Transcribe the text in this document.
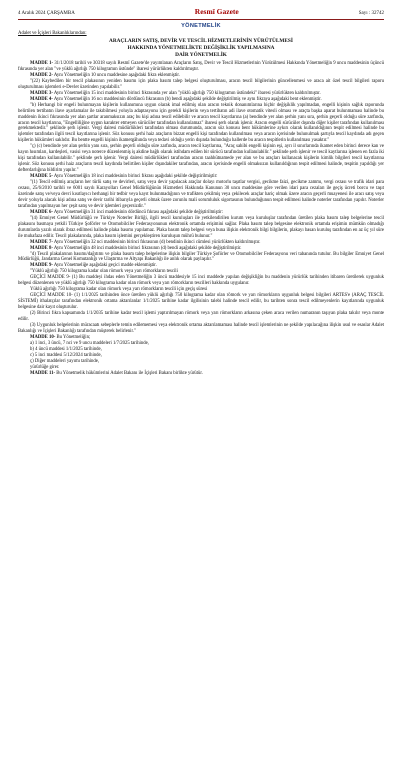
4 Aralık 2024 ÇARŞAMBA	Resmî Gazete	Sayı : 32742
YÖNETMELİK

Adalet ve İçişleri Bakanlıklarından:

ARAÇLARIN SATIŞ, DEVİR VE TESCİL HİZMETLERİNİN YÜRÜTÜLMESİ
HAKKINDA YÖNETMELİKTE DEĞİŞİKLİK YAPILMASINA
DAİR YÖNETMELİK

MADDE 1- 31/1/2018 tarihli ve 30318 sayılı Resmî Gazete'de yayımlanan Araçların Satış, Devir ve Tescil Hizmetlerinin Yürütülmesi Hakkında Yönetmeliğin 9 uncu maddesinin üçüncü fıkrasında yer alan "ve yüklü ağırlığı 750 kilogramın üstünde" ibaresi yürürlükten kaldırılmıştır.

MADDE 2- Aynı Yönetmeliğin 10 uncu maddesine aşağıdaki fıkra eklenmiştir.

"(22) Kaybedilen bir tescil plakasının yeniden basımı için plaka basım talep belgesi oluşturulması, aracın tescil bilgilerinin güncellenmesi ve araca ait özel tescil bilgileri raporu oluşturulması işlemleri e-Devlet üzerinden yapılabilir."

MADDE 3- Aynı Yönetmeliğin 15 inci maddesinin birinci fıkrasında yer alan "yüklü ağırlığı 750 kilogramın üstündeki" ibaresi yürürlükten kaldırılmıştır.

MADDE 4- Aynı Yönetmeliğin 16 ncı maddesinin dördüncü fıkrasının (b) bendi aşağıdaki şekilde değiştirilmiş ve aynı fıkraya aşağıdaki bent eklenmiştir.

"b) Herhangi bir engeli bulunmayan kişilerin kullanımına uygun olarak imal edilmiş olan aracın teknik donanımlarına hiçbir değişiklik yapılmadan, engelli kişinin sağlık raporunda belirtilen tertibatın ilave ayarlamalar ile takıbilmesi yoluyla adaptasyonu için gerekli kişilerin veya tertibatın adi ilave otomatik vitesli olması ve araçta başka aparat bulunmaması halinde bu maddenin ikinci fıkrasında yer alan şartlar aranmaksızın araç bu kişi adına tescil edilebilir ve aracın tescil kayıtlarına (a) bendinde yer alan şerhin yanı sıra, şerhin geçerli olduğu süre zarfında, aracın tescil kaytlarına, "Engelliliğine uygun karakter etmeyen sürücüler tarafından kullanılamaz" ibaresi şerh olarak işlenir. Aracın engelli sürücüler dışında diğer kişiler tarafından kullanılması gerekmektedir." şeklinde şerh işlenir. Vergi dairesi müdürlükleri tarafından olması durumunda, aracın söz konusu bent hükümlerine aykırı olarak kullanıldığının tespit edilmesi halinde bu işlemler tarafından ilgili tescil kayıtlarına işlenir. Söz konusu şerhi haiz araçların bizzat engelli kişi tarafından kullanılması veya aracın içerisinde bulunulmak şartıyla tescil kaydında adı geçen kişilerin hükümleri saklıdır. Bu bentte engelli kişinin ikametgâhında veya tedavi olduğu yerin dışında bulunduğu hallerde bu aracın tespitlerin kullanılması yasaktır."

"ç) (c) bendinde yer alan şerhin yanı sıra, şerhin geçerli olduğu süre zarfında, aracın tescil kaytlarına, "Araç sahibi engelli kişinin eşi, ayrı il sınırlarında ikamet eden birinci derece kan ve kayın hısımları, kardeşleri, vasisi veya noterce düzenlenmiş iş akdine bağlı olarak istihdam edilen bir sürücü tarafından kullanılabilir." şeklinde şerh işlenir ve tescil kaytlarına işlenen en fazla iki kişi tarafından kullanılabilir." şeklinde şerh işlenir. Vergi dairesi müdürlükleri tarafından aracın taahhütnamede yer alan ve bu araçları kullanacak kişilerin kimlik bilgileri tescil kayıtlarına işlenir. Söz konusu şerhi haiz araçların tescil kaydında belirtilen kişiler dışındakiler tarafından, aracın içerisinde engelli olmaksızın kullanıldığının tespit edilmesi halinde, tespitin yapıldığı yer defterdarlığına bildirim yapılır."

MADDE 5- Aynı Yönetmeliğin 18 inci maddesinin birinci fıkrası aşağıdaki şekilde değiştirilmiştir:

"(1) Tescil edilmiş araçların her türlü satış ve devirleri, satış veya devir yapılacak araçlar dolayı motorlu taşıtlar vergisi, gecikme faizi, gecikme zammı, vergi cezası ve trafik idari para cezası, 25/6/2010 tarihli ve 6001 sayılı Karayolları Genel Müdürlüğünün Hizmetleri Hakkında Kanunun 30 uncu maddesine göre verilen idari para cezaları ile geçiş ücreti borcu ve taşıt üzerinde satış ve/veya devri kısıtlayıcı herhangi bir tedbir veya kayıt bulunmadığının ve trafikten çekilmiş veya çekilecek araçlar hariç olmak üzere aracın geçerli muayenesi ile aracı satış veya devir yoluyla alacak kişi adına satış ve devir tarihi itibarıyla geçerli olmak üzere zorunlu mali sorumluluk sigortasının bulunduğunun tespit edilmesi halinde noterler tarafından yapılır. Noterler tarafından yapılmayan her çeşit satış ve devir işlemleri geçersizdir."

MADDE 6- Aynı Yönetmeliğin 31 inci maddesinin dördüncü fıkrası aşağıdaki şekilde değiştirilmiştir:

"(4) Emniyet Genel Müdürlüğü ve Türkiye Noterler Birliği, ilgili tescil kuruluşları ile yetkilendirilen kurum veya kuruluşlar tarafından üretilen plaka basım talep belgelerine tescil plakasını basmaya yetkili Türkiye Şoförler ve Otomobilciler Federasyonunun elektronik ortamda erişimini sağlar. Plaka basım talep belgesine elektronik ortamda erişimin mümkün olmadığı durumlarda yazılı olarak ibraz edilmesi halinde plaka basımı yapılamaz. Plaka basım talep belgesi veya buna ilişkin elektronik bilgi bilgilerin, plakayı basan kuruluş tarafından en az üç yıl süre ile muhafaza edilir. Tescil plakalarında, plaka basım işlemini gerçekleştiren kuruluşun mührü bulunur."

MADDE 7- Aynı Yönetmeliğin 32 nci maddesinin birinci fıkrasının (d) bendinin ikinci cümlesi yürürlükten kaldırılmıştır.

MADDE 8- Aynı Yönetmeliğin 48 inci maddesinin birinci fıkrasının (d) bendi aşağıdaki şekilde değiştirilmiştir.

"d) Tescil plakalarının basımı/dağıtımı ve plaka basım talep belgelerine ilişkin bilgiler Türkiye Şoförler ve Otomobilciler Federasyonu veri tabanında tutulur. Bu bilgiler Emniyet Genel Müdürlüğü, Jandarma Genel Komutanlığı ve Ulaştırma ve Altyapı Bakanlığı ile anlık olarak paylaşılır."

MADDE 9- Aynı Yönetmeliğe aşağıdaki geçici madde eklenmiştir.

"Yüklü ağırlığı 750 kilograma kadar olan römork veya yarı römorkların tescili

GEÇİCİ MADDE 9- (1) Bu maddeyi ihdas eden Yönetmeliğin 3 üncü maddesiyle 15 inci maddede yapılan değişikliğin bu maddenin yürürlük tarihinden itibaren üretilerek uygunluk belgesi düzenlenen ve yüklü ağırlığı 750 kilograma kadar olan römork veya yarı römorkların tescilleri hakkında uygulanır.

Yüklü ağırlığı 750 kilograma kadar olan römork veya yarı römorkların tescili için geçiş süresi

GEÇİCİ MADDE 10- (1) 1/1/2025 tarihinden önce üretilen yüklü ağırlığı 750 kilograma kadar olan römork ve yarı römorkların uygunluk belgesi bilgileri ARTES'e (ARAÇ TESCİL SİSTEMİ) ithalatçılar tarafından elektronik ortama aktarılanlar 1/1/2025 tarihine kadar ilgilisinin talebi halinde tescil edilir, bu tarihten sonra tescil edilmeyenlerin kayıtlarında uygunluk belgesine dair kayıt oluşturulur.

(2) Birinci fıkra kapsamında 1/1/2035 tarihine kadar tescil işlemi yaptırılmayan römork veya yarı römorkların arkasına çeken araca verilen numaranın taşıyan plaka takılır veya monte edilir.

(3) Uygunluk belgelerinin müracaatı sebeplerle temin edilememesi veya elektronik ortama aktarılamaması halinde tescil işlemlerinin ne şekilde yapılacağına ilişkin usul ve esaslar Adalet Bakanlığı ve İçişleri Bakanlığı tarafından müşterek belirlenir."

MADDE 10- Bu Yönetmeliğin;

a) 1 inci, 3 üncü, 7 nci ve 9 uncu maddeleri 1/7/2025 tarihinde,

b) 4 üncü maddesi 1/1/2025 tarihinde,

c) 5 inci maddesi 5/12/2024 tarihinde,

ç) Diğer maddeleri yayımı tarihinde,

yürürlüğe girer.

MADDE 11- Bu Yönetmelik hükümlerini Adalet Bakanı ile İçişleri Bakanı birlikte yürütür.
